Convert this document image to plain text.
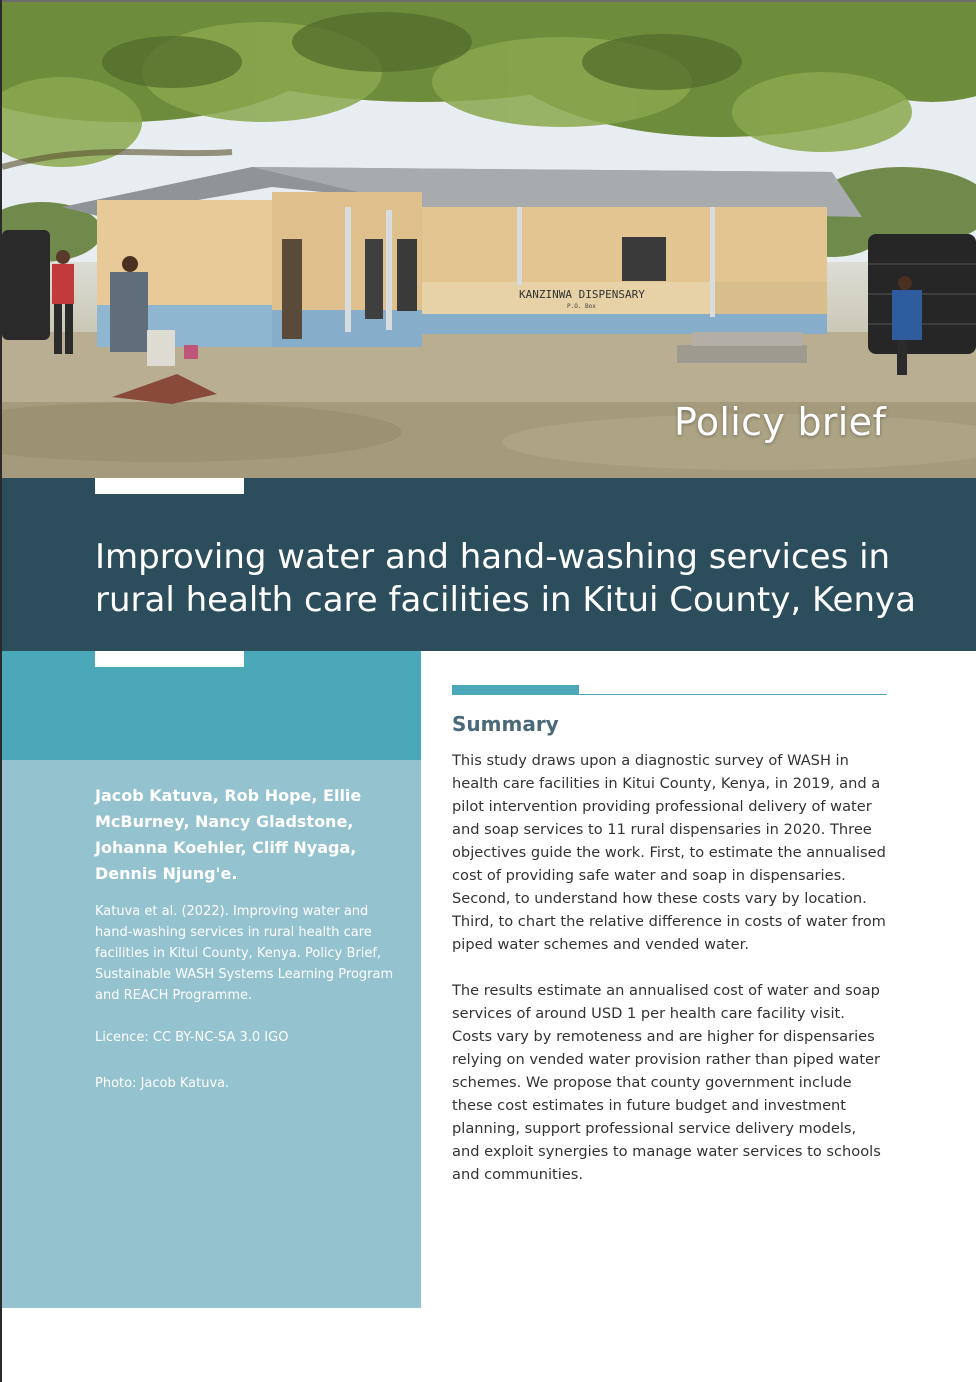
KANZINWA DISPENSARY
P.O. Box
Policy brief
Improving water and hand-washing services in rural health care facilities in Kitui County, Kenya

Jacob Katuva, Rob Hope, Ellie McBurney, Nancy Gladstone, Johanna Koehler, Cliff Nyaga, Dennis Njung'e.

Katuva et al. (2022). Improving water and hand-washing services in rural health care facilities in Kitui County, Kenya. Policy Brief, Sustainable WASH Systems Learning Program and REACH Programme.

Licence: CC BY-NC-SA 3.0 IGO

Photo: Jacob Katuva.

Summary

This study draws upon a diagnostic survey of WASH in health care facilities in Kitui County, Kenya, in 2019, and a pilot intervention providing professional delivery of water and soap services to 11 rural dispensaries in 2020. Three objectives guide the work. First, to estimate the annualised cost of providing safe water and soap in dispensaries. Second, to understand how these costs vary by location. Third, to chart the relative difference in costs of water from piped water schemes and vended water.

The results estimate an annualised cost of water and soap services of around USD 1 per health care facility visit. Costs vary by remoteness and are higher for dispensaries relying on vended water provision rather than piped water schemes. We propose that county government include these cost estimates in future budget and investment planning, support professional service delivery models, and exploit synergies to manage water services to schools and communities.
